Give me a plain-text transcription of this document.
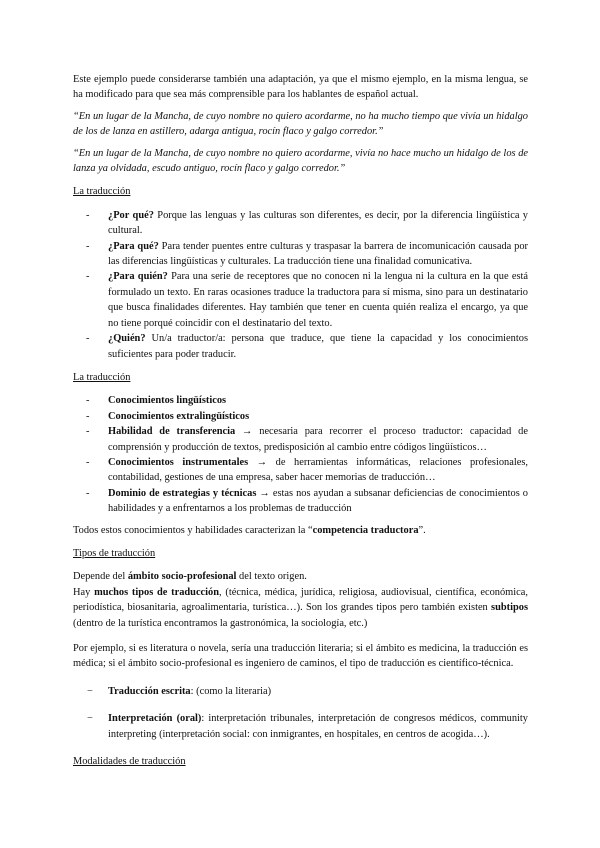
Este ejemplo puede considerarse también una adaptación, ya que el mismo ejemplo, en la misma lengua, se ha modificado para que sea más comprensible para los hablantes de español actual.

“En un lugar de la Mancha, de cuyo nombre no quiero acordarme, no ha mucho tiempo que vivía un hidalgo de los de lanza en astillero, adarga antigua, rocín flaco y galgo corredor.”

“En un lugar de la Mancha, de cuyo nombre no quiero acordarme, vivía no hace mucho un hidalgo de los de lanza ya olvidada, escudo antiguo, rocín flaco y galgo corredor.”

La traducción
- ¿Por qué? Porque las lenguas y las culturas son diferentes, es decir, por la diferencia lingüística y cultural.
- ¿Para qué? Para tender puentes entre culturas y traspasar la barrera de incomunicación causada por las diferencias lingüísticas y culturales. La traducción tiene una finalidad comunicativa.
- ¿Para quién? Para una serie de receptores que no conocen ni la lengua ni la cultura en la que está formulado un texto. En raras ocasiones traduce la traductora para sí misma, sino para un destinatario que busca finalidades diferentes. Hay también que tener en cuenta quién realiza el encargo, ya que no tiene porqué coincidir con el destinatario del texto.
- ¿Quién? Un/a traductor/a: persona que traduce, que tiene la capacidad y los conocimientos suficientes para poder traducir.
La traducción
- Conocimientos lingüísticos
- Conocimientos extralingüísticos
- Habilidad de transferencia → necesaria para recorrer el proceso traductor: capacidad de comprensión y producción de textos, predisposición al cambio entre códigos lingüísticos…
- Conocimientos instrumentales → de herramientas informáticas, relaciones profesionales, contabilidad, gestiones de una empresa, saber hacer memorias de traducción…
- Dominio de estrategias y técnicas → estas nos ayudan a subsanar deficiencias de conocimientos o habilidades y a enfrentarnos a los problemas de traducción

Todos estos conocimientos y habilidades caracterizan la “competencia traductora”.

Tipos de traducción

Depende del ámbito socio-profesional del texto origen.

Hay muchos tipos de traducción, (técnica, médica, jurídica, religiosa, audiovisual, científica, económica, periodística, biosanitaria, agroalimentaria, turística…). Son los grandes tipos pero también existen subtipos (dentro de la turística encontramos la gastronómica, la sociología, etc.)

Por ejemplo, si es literatura o novela, sería una traducción literaria; si el ámbito es medicina, la traducción es médica; si el ámbito socio-profesional es ingeniero de caminos, el tipo de traducción es científico-técnica.

− Traducción escrita: (como la literaria)
− Interpretación (oral): interpretación tribunales, interpretación de congresos médicos, community interpreting (interpretación social: con inmigrantes, en hospitales, en centros de acogida…).
Modalidades de traducción
